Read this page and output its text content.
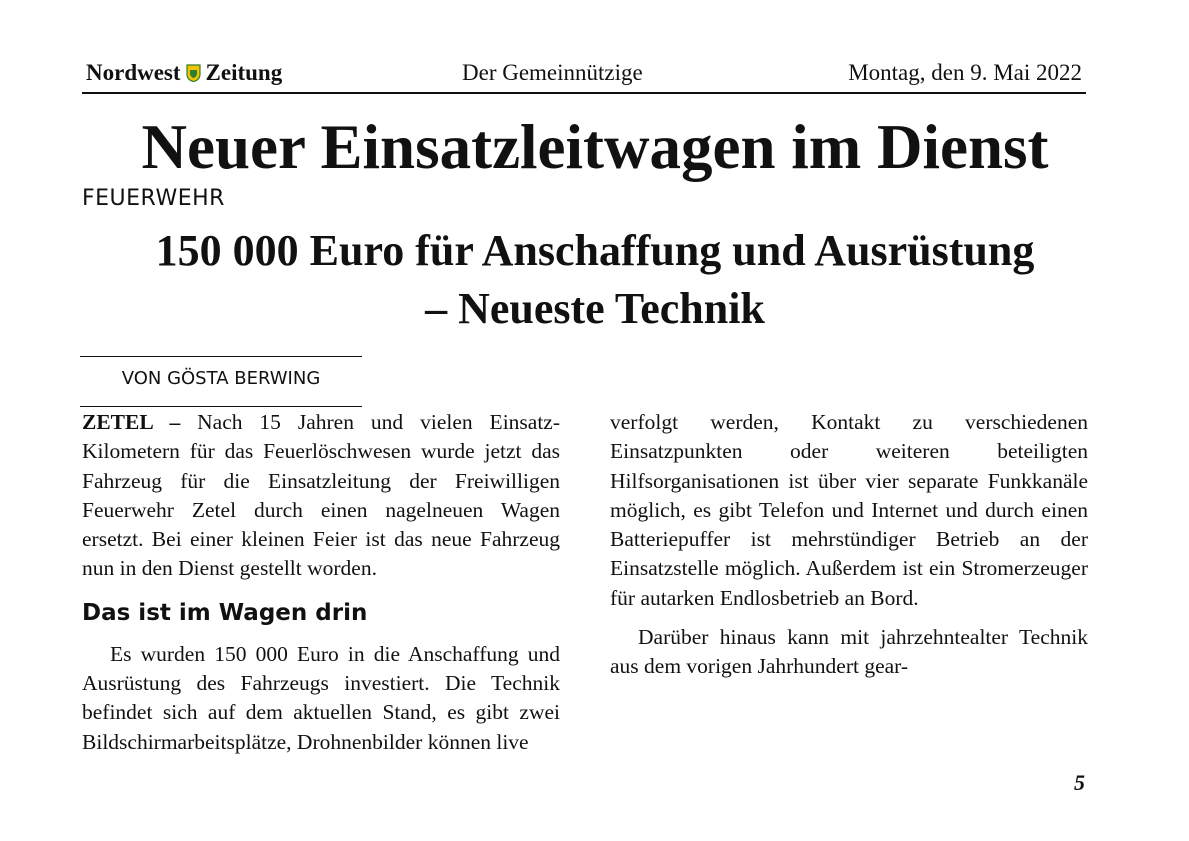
Nordwest Zeitung	Der Gemeinnützige	Montag, den 9. Mai 2022
Neuer Einsatzleitwagen im Dienst
FEUERWEHR
150 000 Euro für Anschaffung und Ausrüstung – Neueste Technik
VON GÖSTA BERWING

ZETEL – Nach 15 Jahren und vielen Einsatz-Kilometern für das Feuerlöschwesen wurde jetzt das Fahrzeug für die Einsatzleitung der Freiwilligen Feuerwehr Zetel durch einen nagelneuen Wagen ersetzt. Bei einer kleinen Feier ist das neue Fahrzeug nun in den Dienst gestellt worden.

Das ist im Wagen drin

Es wurden 150 000 Euro in die Anschaffung und Ausrüstung des Fahrzeugs investiert. Die Technik befindet sich auf dem aktuellen Stand, es gibt zwei Bildschirmarbeitsplätze, Drohnenbilder können live

verfolgt werden, Kontakt zu verschiedenen Einsatzpunkten oder weiteren beteiligten Hilfsorganisationen ist über vier separate Funkkanäle möglich, es gibt Telefon und Internet und durch einen Batteriepuffer ist mehrstündiger Betrieb an der Einsatzstelle möglich. Außerdem ist ein Stromerzeuger für autarken Endlosbetrieb an Bord.

Darüber hinaus kann mit jahrzehntealter Technik aus dem vorigen Jahrhundert gear-

5
